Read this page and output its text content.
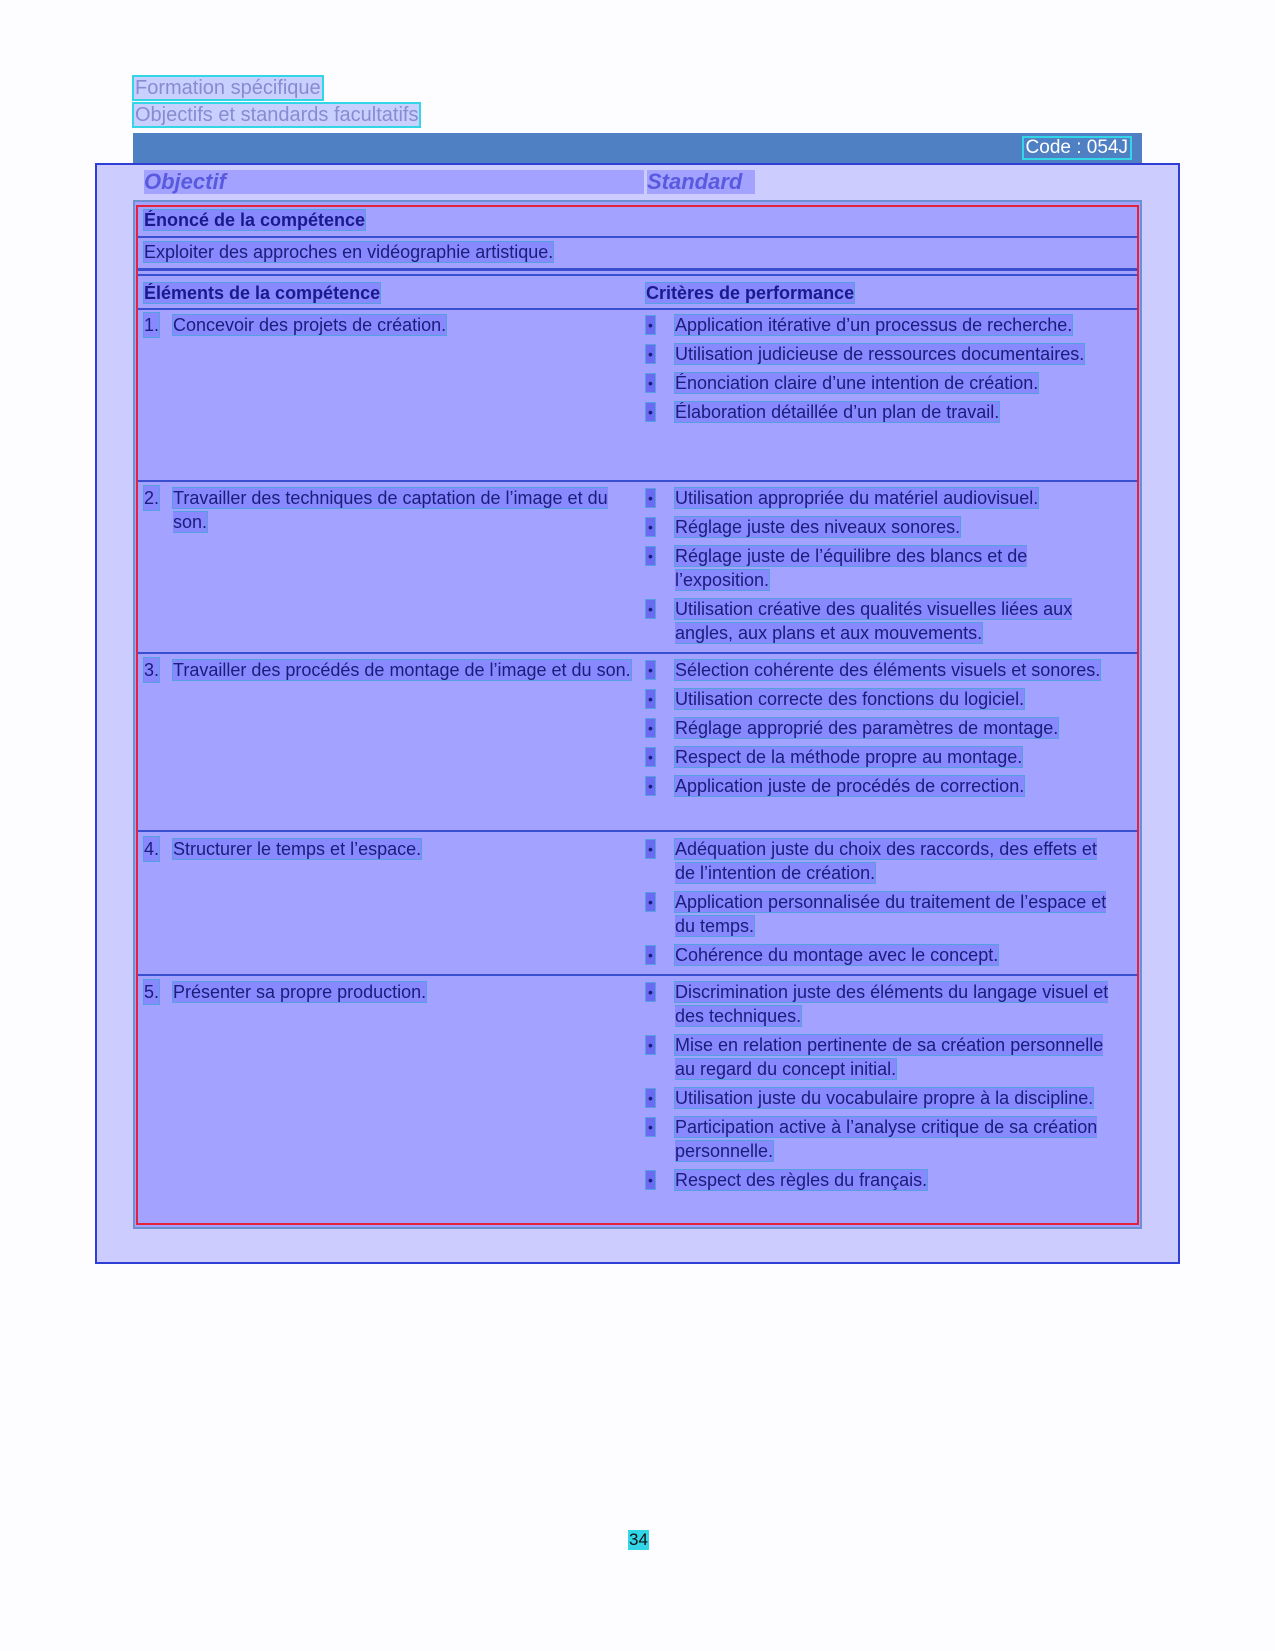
Formation spécifique
Objectifs et standards facultatifs
Code : 054J
Objectif	Standard
Énoncé de la compétence
Exploiter des approches en vidéographie artistique.
Éléments de la compétence	Critères de performance
1. Concevoir des projets de création.	• Application itérative d’un processus de recherche.
• Utilisation judicieuse de ressources documentaires.
• Énonciation claire d’une intention de création.
• Élaboration détaillée d’un plan de travail.
2. Travailler des techniques de captation de l’image et du son.
• Utilisation appropriée du matériel audiovisuel.
• Réglage juste des niveaux sonores.
• Réglage juste de l’équilibre des blancs et de l’exposition.
• Utilisation créative des qualités visuelles liées aux angles, aux plans et aux mouvements.
3. Travailler des procédés de montage de l’image et du son.	• Sélection cohérente des éléments visuels et sonores.
• Utilisation correcte des fonctions du logiciel.
• Réglage approprié des paramètres de montage.
• Respect de la méthode propre au montage.
• Application juste de procédés de correction.
4. Structurer le temps et l’espace.	• Adéquation juste du choix des raccords, des effets et de l’intention de création.
• Application personnalisée du traitement de l’espace et du temps.
• Cohérence du montage avec le concept.
5. Présenter sa propre production.	• Discrimination juste des éléments du langage visuel et des techniques.
• Mise en relation pertinente de sa création personnelle au regard du concept initial.
• Utilisation juste du vocabulaire propre à la discipline.
• Participation active à l’analyse critique de sa création personnelle.
• Respect des règles du français.
34
